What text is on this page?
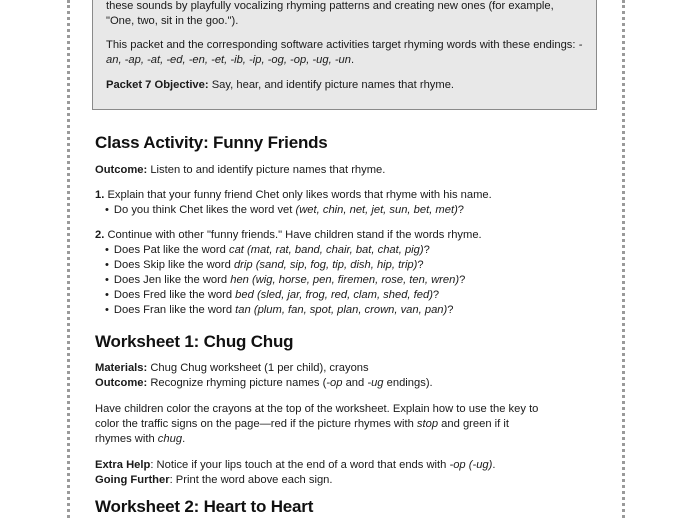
these sounds by playfully vocalizing rhyming patterns and creating new ones (for example, "One, two, sit in the goo.").

This packet and the corresponding software activities target rhyming words with these endings: -an, -ap, -at, -ed, -en, -et, -ib, -ip, -og, -op, -ug, -un.

Packet 7 Objective: Say, hear, and identify picture names that rhyme.

Class Activity: Funny Friends

Outcome: Listen to and identify picture names that rhyme.

1. Explain that your funny friend Chet only likes words that rhyme with his name.

• Do you think Chet likes the word vet (wet, chin, net, jet, sun, bet, met)?

2. Continue with other "funny friends." Have children stand if the words rhyme.

• Does Pat like the word cat (mat, rat, band, chair, bat, chat, pig)?
• Does Skip like the word drip (sand, sip, fog, tip, dish, hip, trip)?
• Does Jen like the word hen (wig, horse, pen, firemen, rose, ten, wren)?
• Does Fred like the word bed (sled, jar, frog, red, clam, shed, fed)?
• Does Fran like the word tan (plum, fan, spot, plan, crown, van, pan)?
Worksheet 1: Chug Chug

Materials: Chug Chug worksheet (1 per child), crayons

Outcome: Recognize rhyming picture names (-op and -ug endings).

Have children color the crayons at the top of the worksheet. Explain how to use the key to

color the traffic signs on the page—red if the picture rhymes with stop and green if it

rhymes with chug.

Extra Help: Notice if your lips touch at the end of a word that ends with -op (-ug).

Going Further: Print the word above each sign.

Worksheet 2: Heart to Heart
